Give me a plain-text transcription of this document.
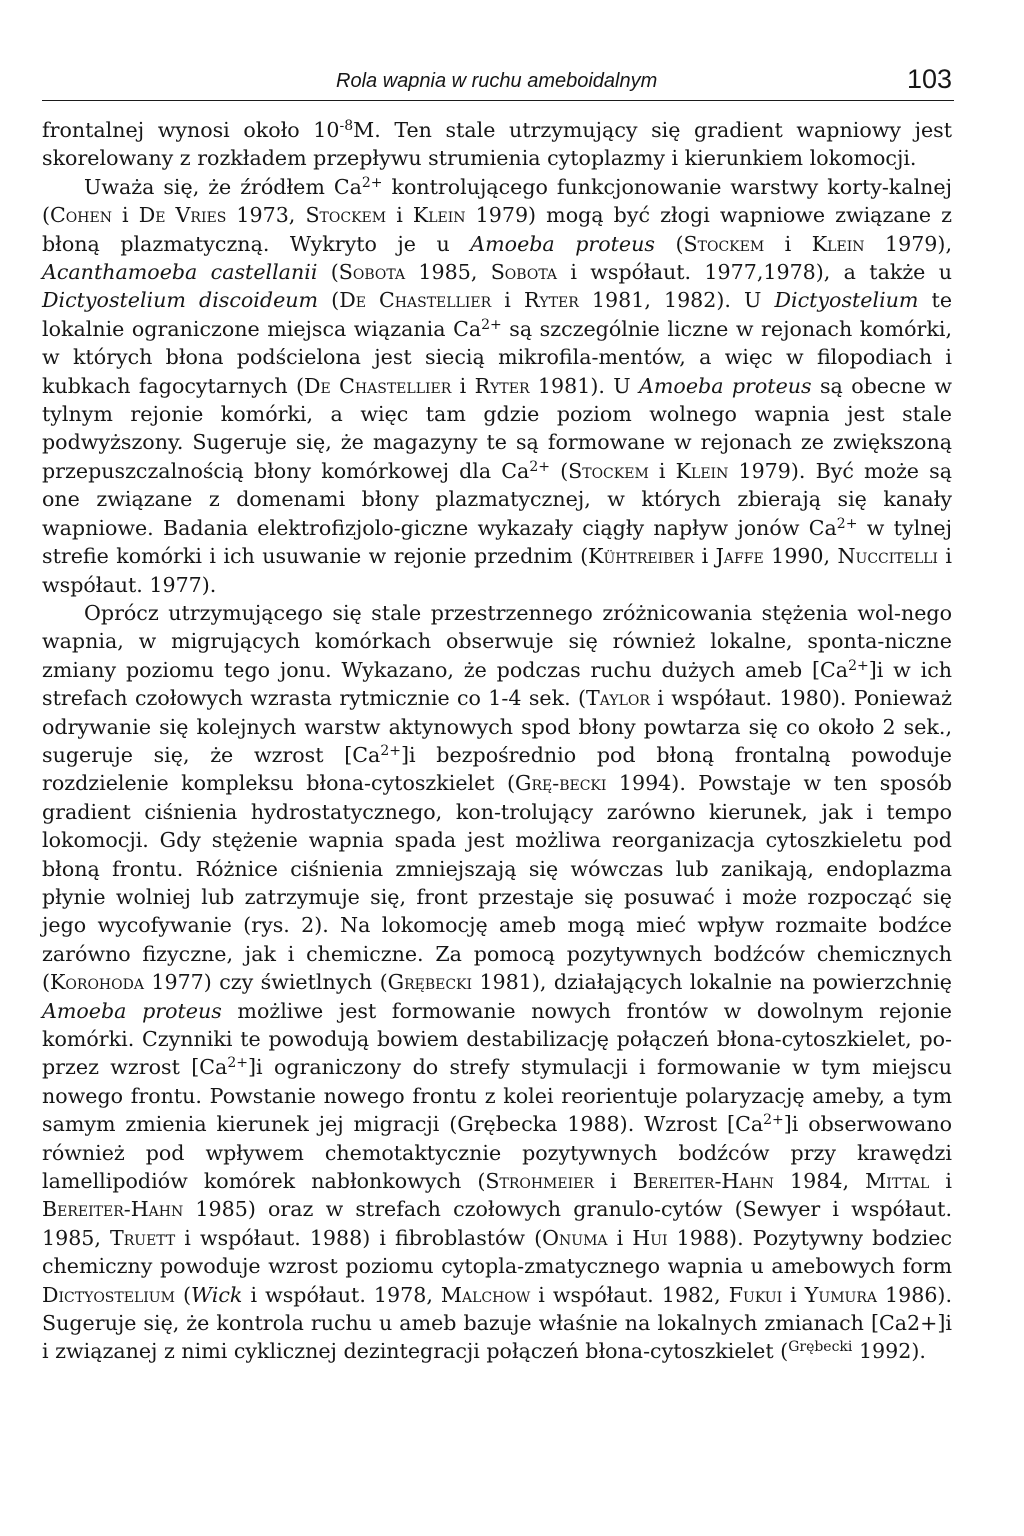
Rola wapnia w ruchu ameboidalnym	103

frontalnej wynosi około $10^{-8}M$. Ten stale utrzymujący się gradient wapniowy jest skorelowany z rozkładem przepływu strumienia cytoplazmy i kierunkiem lokomocji.

Uważa się, że źródłem $Ca^{2+}$ kontrolującego funkcjonowanie warstwy korty-kalnej (Cohen i De Vries 1973, Stockem i Klein 1979) mogą być złogi wapniowe związane z błoną plazmatyczną. Wykryto je u Amoeba proteus (Stockem i Klein 1979), Acanthamoeba castellanii (Sobota 1985, Sobota i współaut. 1977,1978), a także u Dictyostelium discoideum (De Chastellier i Ryter 1981, 1982). U Dictyostelium te lokalnie ograniczone miejsca wiązania $Ca^{2+}$ są szczególnie liczne w rejonach komórki, w których błona podścielona jest siecią mikrofila-mentów, a więc w filopodiach i kubkach fagocytarnych (De Chastellier i Ryter 1981). U Amoeba proteus są obecne w tylnym rejonie komórki, a więc tam gdzie poziom wolnego wapnia jest stale podwyższony. Sugeruje się, że magazyny te są formowane w rejonach ze zwiększoną przepuszczalnością błony komórkowej dla $Ca^{2+}$ (Stockem i Klein 1979). Być może są one związane z domenami błony plazmatycznej, w których zbierają się kanały wapniowe. Badania elektrofizjolo-giczne wykazały ciągły napływ jonów $Ca^{2+}$ w tylnej strefie komórki i ich usuwanie w rejonie przednim (Kühtreiber i Jaffe 1990, Nuccitelli i współaut. 1977).

Oprócz utrzymującego się stale przestrzennego zróżnicowania stężenia wol-nego wapnia, w migrujących komórkach obserwuje się również lokalne, sponta-niczne zmiany poziomu tego jonu. Wykazano, że podczas ruchu dużych ameb $[Ca^{2+}]i$ w ich strefach czołowych wzrasta rytmicznie co 1-4 sek. (Taylor i współaut. 1980). Ponieważ odrywanie się kolejnych warstw aktynowych spod błony powtarza się co około 2 sek., sugeruje się, że wzrost $[Ca^{2+}]i$ bezpośrednio pod błoną frontalną powoduje rozdzielenie kompleksu błona-cytoszkielet (Grę-becki 1994). Powstaje w ten sposób gradient ciśnienia hydrostatycznego, kon-trolujący zarówno kierunek, jak i tempo lokomocji. Gdy stężenie wapnia spada jest możliwa reorganizacja cytoszkieletu pod błoną frontu. Różnice ciśnienia zmniejszają się wówczas lub zanikają, endoplazma płynie wolniej lub zatrzymuje się, front przestaje się posuwać i może rozpocząć się jego wycofywanie (rys. 2). Na lokomocję ameb mogą mieć wpływ rozmaite bodźce zarówno fizyczne, jak i chemiczne. Za pomocą pozytywnych bodźców chemicznych (Korohoda 1977) czy świetlnych (Grębecki 1981), działających lokalnie na powierzchnię Amoeba proteus możliwe jest formowanie nowych frontów w dowolnym rejonie komórki. Czynniki te powodują bowiem destabilizację połączeń błona-cytoszkielet, po-przez wzrost $[Ca^{2+}]i$ ograniczony do strefy stymulacji i formowanie w tym miejscu nowego frontu. Powstanie nowego frontu z kolei reorientuje polaryzację ameby, a tym samym zmienia kierunek jej migracji (Grębecka 1988). Wzrost $[Ca^{2+}]i$ obserwowano również pod wpływem chemotaktycznie pozytywnych bodźców przy krawędzi lamellipodiów komórek nabłonkowych (Strohmeier i Bereiter-Hahn 1984, Mittal i Bereiter-Hahn 1985) oraz w strefach czołowych granulo-cytów (Sewyer i współaut. 1985, Truett i współaut. 1988) i fibroblastów (Onuma i Hui 1988). Pozytywny bodziec chemiczny powoduje wzrost poziomu cytopla-zmatycznego wapnia u amebowych form Dictyostelium (Wick i współaut. 1978, Malchow i współaut. 1982, Fukui i Yumura 1986). Sugeruje się, że kontrola ruchu u ameb bazuje właśnie na lokalnych zmianach [Ca2+]i i związanej z nimi cyklicznej dezintegracji połączeń błona-cytoszkielet ($^{Grębecki}$ 1992).
